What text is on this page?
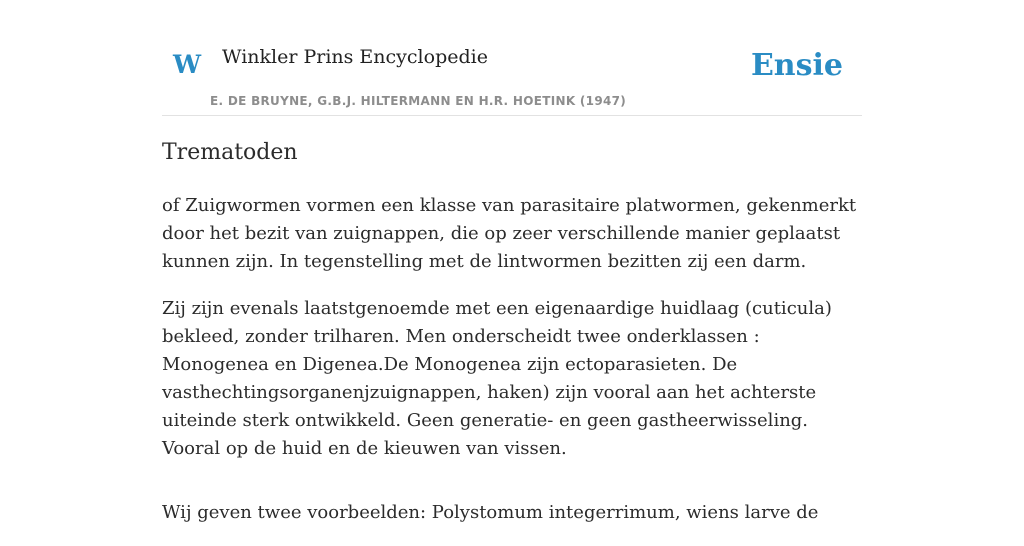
W Winkler Prins Encyclopedie
E. DE BRUYNE, G.B.J. HILTERMANN EN H.R. HOETINK (1947)
Ensie
Trematoden

of Zuigwormen vormen een klasse van parasitaire platwormen, gekenmerkt door het bezit van zuignappen, die op zeer verschillende manier geplaatst kunnen zijn. In tegenstelling met de lintwormen bezitten zij een darm.

Zij zijn evenals laatstgenoemde met een eigenaardige huidlaag (cuticula) bekleed, zonder trilharen. Men onderscheidt twee onderklassen : Monogenea en Digenea.De Monogenea zijn ectoparasieten. De vasthechtingsorganenjzuignappen, haken) zijn vooral aan het achterste uiteinde sterk ontwikkeld. Geen generatie- en geen gastheerwisseling. Vooral op de huid en de kieuwen van vissen.

Wij geven twee voorbeelden: Polystomum integerrimum, wiens larve de
